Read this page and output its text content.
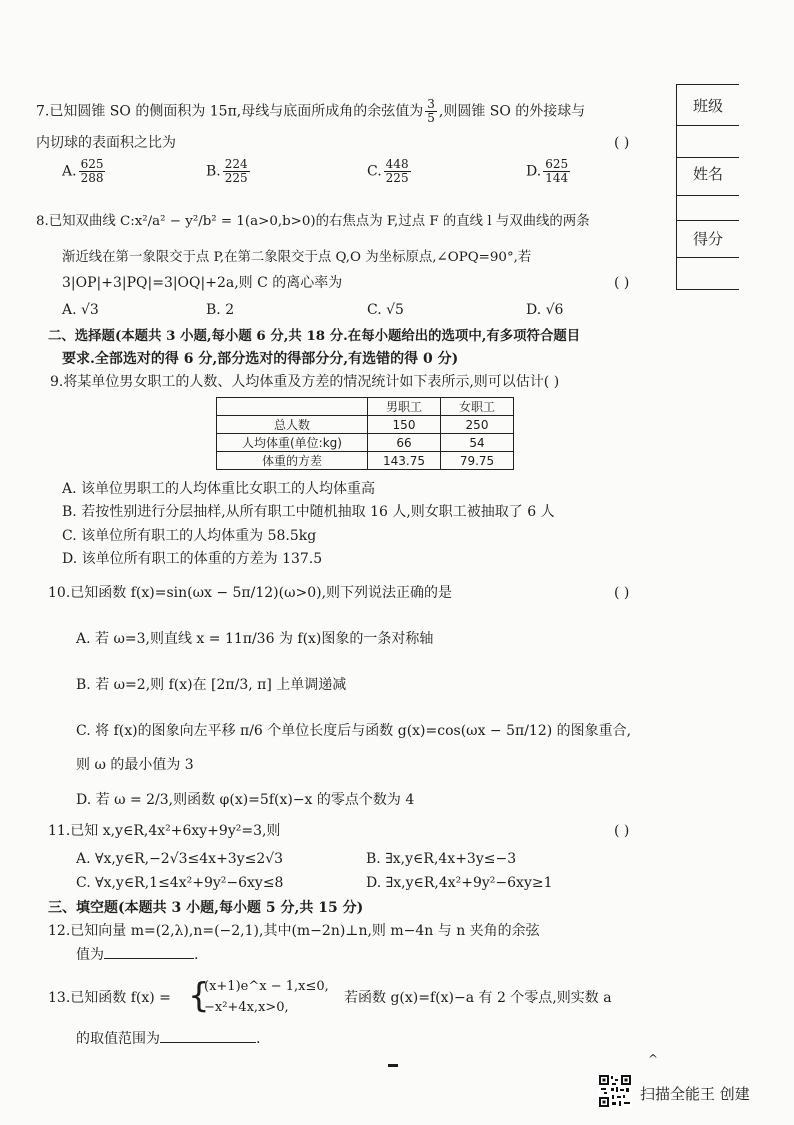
班级
姓名
得分
7.已知圆锥 SO 的侧面积为 15π,母线与底面所成角的余弦值为 $\frac{3}{5}$ ,则圆锥 SO 的外接球与
内切球的表面积之比为	( )
A. $\frac{625}{288}$	B. $\frac{224}{225}$	C. $\frac{448}{225}$	D. $\frac{625}{144}$
8.已知双曲线 C:x²/a² − y²/b² = 1(a>0,b>0)的右焦点为 F,过点 F 的直线 l 与双曲线的两条
渐近线在第一象限交于点 P,在第二象限交于点 Q,O 为坐标原点,∠OPQ=90°,若
3|OP|+3|PQ|=3|OQ|+2a,则 C 的离心率为	( )
A. √3	B. 2	C. √5	D. √6
二、选择题(本题共 3 小题,每小题 6 分,共 18 分.在每小题给出的选项中,有多项符合题目
要求.全部选对的得 6 分,部分选对的得部分分,有选错的得 0 分)
9.将某单位男女职工的人数、人均体重及方差的情况统计如下表所示,则可以估计( )
	男职工	女职工
总人数	150	250
人均体重(单位:kg)	66	54
体重的方差	143.75	79.75
A. 该单位男职工的人均体重比女职工的人均体重高
B. 若按性别进行分层抽样,从所有职工中随机抽取 16 人,则女职工被抽取了 6 人
C. 该单位所有职工的人均体重为 58.5kg
D. 该单位所有职工的体重的方差为 137.5
10.已知函数 f(x)=sin(ωx − 5π/12)(ω>0),则下列说法正确的是	( )
A. 若 ω=3,则直线 x = 11π/36 为 f(x)图象的一条对称轴
B. 若 ω=2,则 f(x)在 [2π/3, π] 上单调递减
C. 将 f(x)的图象向左平移 π/6 个单位长度后与函数 g(x)=cos(ωx − 5π/12) 的图象重合,
则 ω 的最小值为 3
D. 若 ω = 2/3,则函数 φ(x)=5f(x)−x 的零点个数为 4
11.已知 x,y∈R,4x²+6xy+9y²=3,则	( )
A. ∀x,y∈R,−2√3≤4x+3y≤2√3	B. ∃x,y∈R,4x+3y≤−3
C. ∀x,y∈R,1≤4x²+9y²−6xy≤8	D. ∃x,y∈R,4x²+9y²−6xy≥1
三、填空题(本题共 3 小题,每小题 5 分,共 15 分)
12.已知向量 m=(2,λ),n=(−2,1),其中(m−2n)⊥n,则 m−4n 与 n 夹角的余弦
值为	.
13.已知函数 f(x) = {
(x+1)e^x − 1,x≤0,
−x²+4x,x>0,
若函数 g(x)=f(x)−a 有 2 个零点,则实数 a
的取值范围为	.
^
扫描全能王 创建
